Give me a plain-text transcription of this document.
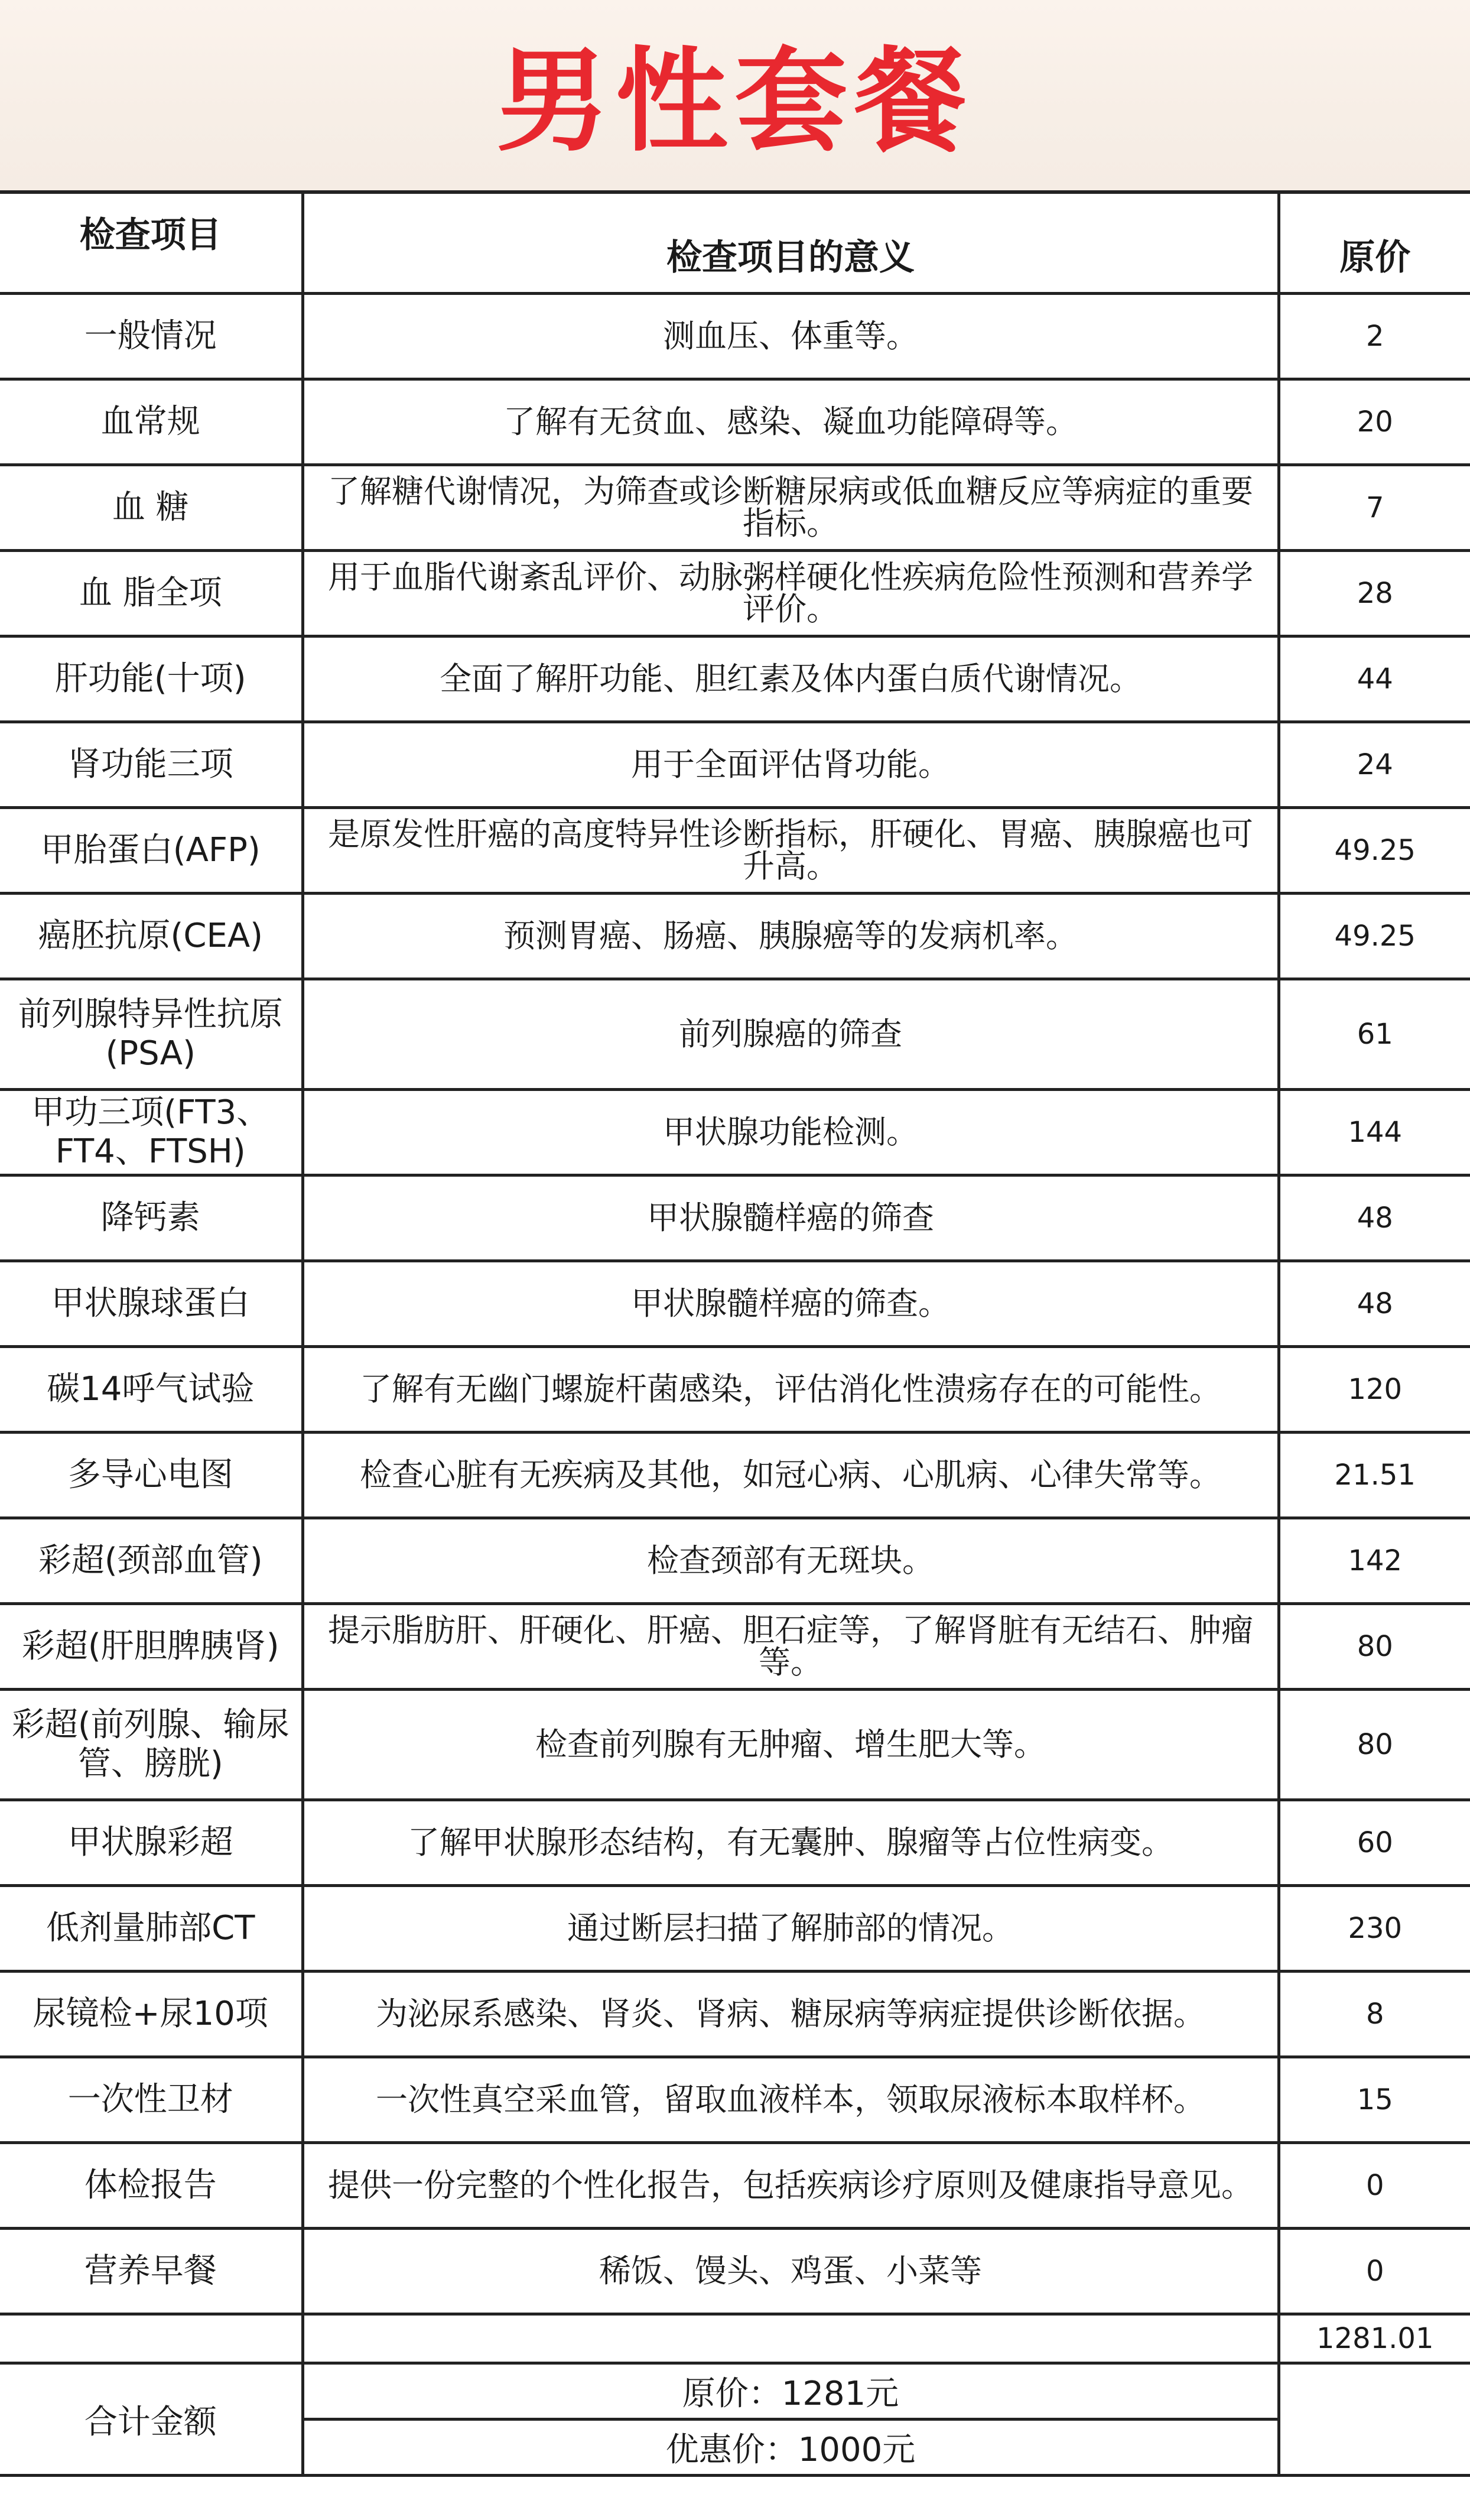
男性套餐
检查项目	检查项目的意义	原价
一般情况	测血压、体重等。	2
血常规	了解有无贫血、感染、凝血功能障碍等。	20
血 糖	了解糖代谢情况，为筛查或诊断糖尿病或低血糖反应等病症的重要指标。	7
血 脂全项	用于血脂代谢紊乱评价、动脉粥样硬化性疾病危险性预测和营养学评价。	28
肝功能(十项)	全面了解肝功能、胆红素及体内蛋白质代谢情况。	44
肾功能三项	用于全面评估肾功能。	24
甲胎蛋白(AFP)	是原发性肝癌的高度特异性诊断指标，肝硬化、胃癌、胰腺癌也可升高。	49.25
癌胚抗原(CEA)	预测胃癌、肠癌、胰腺癌等的发病机率。	49.25
前列腺特异性抗原(PSA)	前列腺癌的筛查	61
甲功三项(FT3、FT4、FTSH)	甲状腺功能检测。	144
降钙素	甲状腺髓样癌的筛查	48
甲状腺球蛋白	甲状腺髓样癌的筛查。	48
碳14呼气试验	了解有无幽门螺旋杆菌感染，评估消化性溃疡存在的可能性。	120
多导心电图	检查心脏有无疾病及其他，如冠心病、心肌病、心律失常等。	21.51
彩超(颈部血管)	检查颈部有无斑块。	142
彩超(肝胆脾胰肾)	提示脂肪肝、肝硬化、肝癌、胆石症等，了解肾脏有无结石、肿瘤等。	80
彩超(前列腺、输尿管、膀胱)	检查前列腺有无肿瘤、增生肥大等。	80
甲状腺彩超	了解甲状腺形态结构，有无囊肿、腺瘤等占位性病变。	60
低剂量肺部CT	通过断层扫描了解肺部的情况。	230
尿镜检+尿10项	为泌尿系感染、肾炎、肾病、糖尿病等病症提供诊断依据。	8
一次性卫材	一次性真空采血管，留取血液样本，领取尿液标本取样杯。	15
体检报告	提供一份完整的个性化报告，包括疾病诊疗原则及健康指导意见。	0
营养早餐	稀饭、馒头、鸡蛋、小菜等	0
		1281.01
合计金额	原价：1281元	
	优惠价：1000元	
